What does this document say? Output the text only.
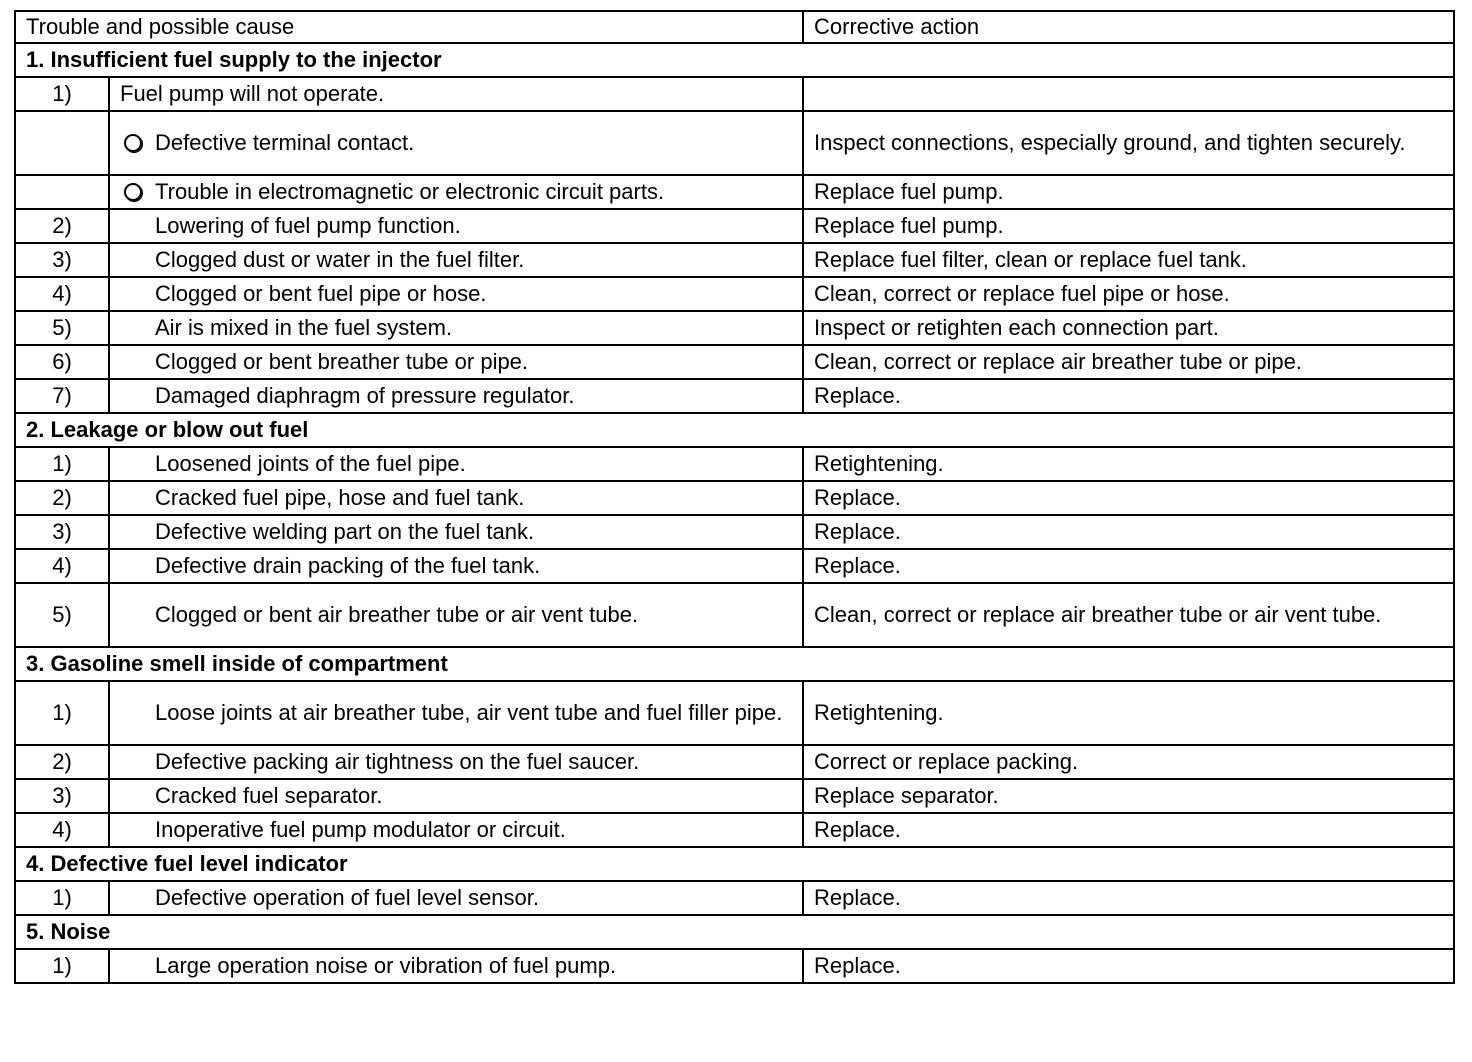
Trouble and possible cause			Corrective action
1. Insufficient fuel supply to the injector			
1)	Fuel pump will not operate.		
		Defective terminal contact.	Inspect connections, especially ground, and tighten securely.
		Trouble in electromagnetic or electronic circuit parts.	Replace fuel pump.
2)		Lowering of fuel pump function.	Replace fuel pump.
3)		Clogged dust or water in the fuel filter.	Replace fuel filter, clean or replace fuel tank.
4)		Clogged or bent fuel pipe or hose.	Clean, correct or replace fuel pipe or hose.
5)		Air is mixed in the fuel system.	Inspect or retighten each connection part.
6)		Clogged or bent breather tube or pipe.	Clean, correct or replace air breather tube or pipe.
7)		Damaged diaphragm of pressure regulator.	Replace.
2. Leakage or blow out fuel			
1)		Loosened joints of the fuel pipe.	Retightening.
2)		Cracked fuel pipe, hose and fuel tank.	Replace.
3)		Defective welding part on the fuel tank.	Replace.
4)		Defective drain packing of the fuel tank.	Replace.
5)		Clogged or bent air breather tube or air vent tube.	Clean, correct or replace air breather tube or air vent tube.
3. Gasoline smell inside of compartment			
1)		Loose joints at air breather tube, air vent tube and fuel filler pipe.	Retightening.
2)		Defective packing air tightness on the fuel saucer.	Correct or replace packing.
3)		Cracked fuel separator.	Replace separator.
4)		Inoperative fuel pump modulator or circuit.	Replace.
4. Defective fuel level indicator			
1)		Defective operation of fuel level sensor.	Replace.
5. Noise			
1)		Large operation noise or vibration of fuel pump.	Replace.
